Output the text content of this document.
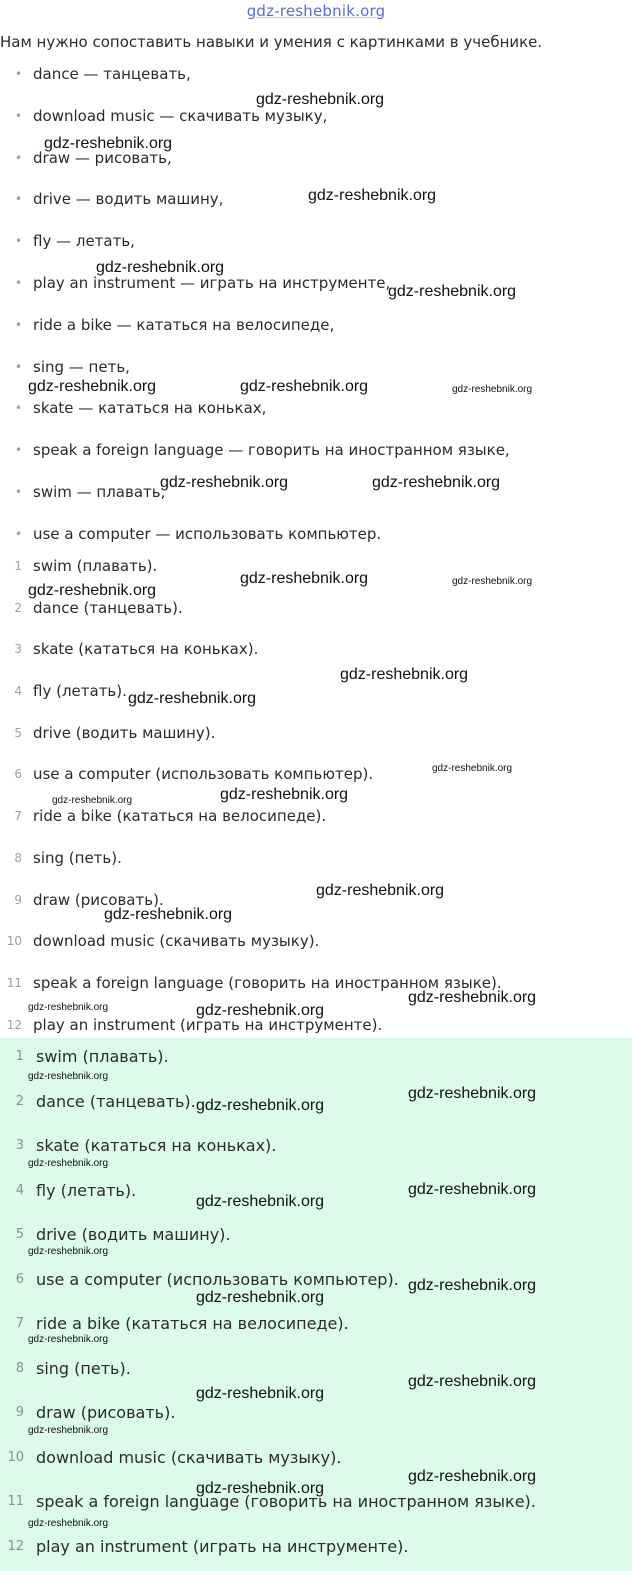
gdz-reshebnik.org
Нам нужно сопоставить навыки и умения с картинками в учебнике.
• dance — танцевать,
• download music — скачивать музыку,
• draw — рисовать,
• drive — водить машину,
• fly — летать,
• play an instrument — играть на инструменте,
• ride a bike — кататься на велосипеде,
• sing — петь,
• skate — кататься на коньках,
• speak a foreign language — говорить на иностранном языке,
• swim — плавать,
• use a computer — использовать компьютер.
1 swim (плавать).
2 dance (танцевать).
3 skate (кататься на коньках).
4 fly (летать).
5 drive (водить машину).
6 use a computer (использовать компьютер).
7 ride a bike (кататься на велосипеде).
8 sing (петь).
9 draw (рисовать).
10 download music (скачивать музыку).
11 speak a foreign language (говорить на иностранном языке).
12 play an instrument (играть на инструменте).
1 swim (плавать).
2 dance (танцевать).
3 skate (кататься на коньках).
4 fly (летать).
5 drive (водить машину).
6 use a computer (использовать компьютер).
7 ride a bike (кататься на велосипеде).
8 sing (петь).
9 draw (рисовать).
10 download music (скачивать музыку).
11 speak a foreign language (говорить на иностранном языке).
12 play an instrument (играть на инструменте).
gdz-reshebnik.org
gdz-reshebnik.org
gdz-reshebnik.org
gdz-reshebnik.org
gdz-reshebnik.org
gdz-reshebnik.org	gdz-reshebnik.org	gdz-reshebnik.org
gdz-reshebnik.org	gdz-reshebnik.org
gdz-reshebnik.org	gdz-reshebnik.org
gdz-reshebnik.org
gdz-reshebnik.org
gdz-reshebnik.org
gdz-reshebnik.org
gdz-reshebnik.org
gdz-reshebnik.org
gdz-reshebnik.org
gdz-reshebnik.org
gdz-reshebnik.org
gdz-reshebnik.org	gdz-reshebnik.org
gdz-reshebnik.org
gdz-reshebnik.org
gdz-reshebnik.org
gdz-reshebnik.org
gdz-reshebnik.org
gdz-reshebnik.org
gdz-reshebnik.org
gdz-reshebnik.org
gdz-reshebnik.org
gdz-reshebnik.org
gdz-reshebnik.org
gdz-reshebnik.org
gdz-reshebnik.org
gdz-reshebnik.org
gdz-reshebnik.org
gdz-reshebnik.org
